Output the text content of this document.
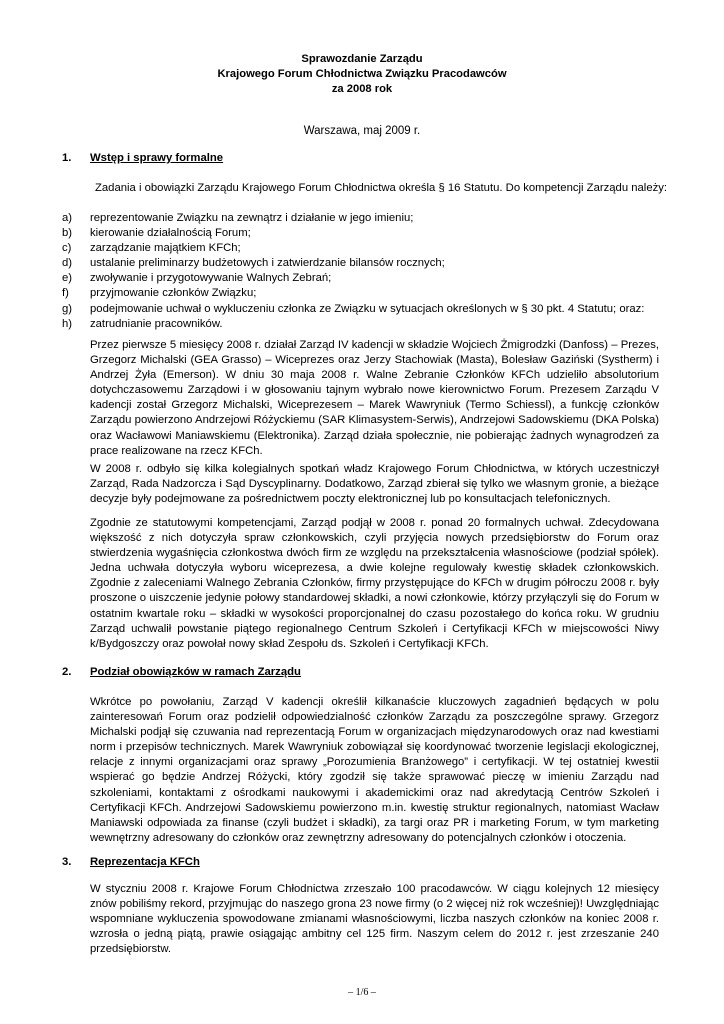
Sprawozdanie Zarządu
Krajowego Forum Chłodnictwa Związku Pracodawców
za 2008 rok
Warszawa, maj 2009 r.
1. Wstęp i sprawy formalne
Zadania i obowiązki Zarządu Krajowego Forum Chłodnictwa określa § 16 Statutu. Do kompetencji Zarządu należy:
a)	reprezentowanie Związku na zewnątrz i działanie w jego imieniu;
b)	kierowanie działalnością Forum;
c)	zarządzanie majątkiem KFCh;
d)	ustalanie preliminarzy budżetowych i zatwierdzanie bilansów rocznych;
e)	zwoływanie i przygotowywanie Walnych Zebrań;
f)	przyjmowanie członków Związku;
g)	podejmowanie uchwał o wykluczeniu członka ze Związku w sytuacjach określonych w § 30 pkt. 4 Statutu; oraz:
h)	zatrudnianie pracowników.

Przez pierwsze 5 miesięcy 2008 r. działał Zarząd IV kadencji w składzie Wojciech Żmigrodzki (Danfoss) – Prezes, Grzegorz Michalski (GEA Grasso) – Wiceprezes oraz Jerzy Stachowiak (Masta), Bolesław Gaziński (Systherm) i Andrzej Żyła (Emerson). W dniu 30 maja 2008 r. Walne Zebranie Członków KFCh udzieliło absolutorium dotychczasowemu Zarządowi i w głosowaniu tajnym wybrało nowe kierownictwo Forum. Prezesem Zarządu V kadencji został Grzegorz Michalski, Wiceprezesem – Marek Wawryniuk (Termo Schiessl), a funkcję członków Zarządu powierzono Andrzejowi Różyckiemu (SAR Klimasystem-Serwis), Andrzejowi Sadowskiemu (DKA Polska) oraz Wacławowi Maniawskiemu (Elektronika). Zarząd działa społecznie, nie pobierając żadnych wynagrodzeń za prace realizowane na rzecz KFCh.

W 2008 r. odbyło się kilka kolegialnych spotkań władz Krajowego Forum Chłodnictwa, w których uczestniczył Zarząd, Rada Nadzorcza i Sąd Dyscyplinarny. Dodatkowo, Zarząd zbierał się tylko we własnym gronie, a bieżące decyzje były podejmowane za pośrednictwem poczty elektronicznej lub po konsultacjach telefonicznych.

Zgodnie ze statutowymi kompetencjami, Zarząd podjął w 2008 r. ponad 20 formalnych uchwał. Zdecydowana większość z nich dotyczyła spraw członkowskich, czyli przyjęcia nowych przedsiębiorstw do Forum oraz stwierdzenia wygaśnięcia członkostwa dwóch firm ze względu na przekształcenia własnościowe (podział spółek). Jedna uchwała dotyczyła wyboru wiceprezesa, a dwie kolejne regulowały kwestię składek członkowskich. Zgodnie z zaleceniami Walnego Zebrania Członków, firmy przystępujące do KFCh w drugim półroczu 2008 r. były proszone o uiszczenie jedynie połowy standardowej składki, a nowi członkowie, którzy przyłączyli się do Forum w ostatnim kwartale roku – składki w wysokości proporcjonalnej do czasu pozostałego do końca roku. W grudniu Zarząd uchwalił powstanie piątego regionalnego Centrum Szkoleń i Certyfikacji KFCh w miejscowości Niwy k/Bydgoszczy oraz powołał nowy skład Zespołu ds. Szkoleń i Certyfikacji KFCh.

2. Podział obowiązków w ramach Zarządu

Wkrótce po powołaniu, Zarząd V kadencji określił kilkanaście kluczowych zagadnień będących w polu zainteresowań Forum oraz podzielił odpowiedzialność członków Zarządu za poszczególne sprawy. Grzegorz Michalski podjął się czuwania nad reprezentacją Forum w organizacjach międzynarodowych oraz nad kwestiami norm i przepisów technicznych. Marek Wawryniuk zobowiązał się koordynować tworzenie legislacji ekologicznej, relacje z innymi organizacjami oraz sprawy „Porozumienia Branżowego” i certyfikacji. W tej ostatniej kwestii wspierać go będzie Andrzej Różycki, który zgodził się także sprawować pieczę w imieniu Zarządu nad szkoleniami, kontaktami z ośrodkami naukowymi i akademickimi oraz nad akredytacją Centrów Szkoleń i Certyfikacji KFCh. Andrzejowi Sadowskiemu powierzono m.in. kwestię struktur regionalnych, natomiast Wacław Maniawski odpowiada za finanse (czyli budżet i składki), za targi oraz PR i marketing Forum, w tym marketing wewnętrzny adresowany do członków oraz zewnętrzny adresowany do potencjalnych członków i otoczenia.

3. Reprezentacja KFCh

W styczniu 2008 r. Krajowe Forum Chłodnictwa zrzeszało 100 pracodawców. W ciągu kolejnych 12 miesięcy znów pobiliśmy rekord, przyjmując do naszego grona 23 nowe firmy (o 2 więcej niż rok wcześniej)! Uwzględniając wspomniane wykluczenia spowodowane zmianami własnościowymi, liczba naszych członków na koniec 2008 r. wzrosła o jedną piątą, prawie osiągając ambitny cel 125 firm. Naszym celem do 2012 r. jest zrzeszanie 240 przedsiębiorstw.

– 1/6 –
